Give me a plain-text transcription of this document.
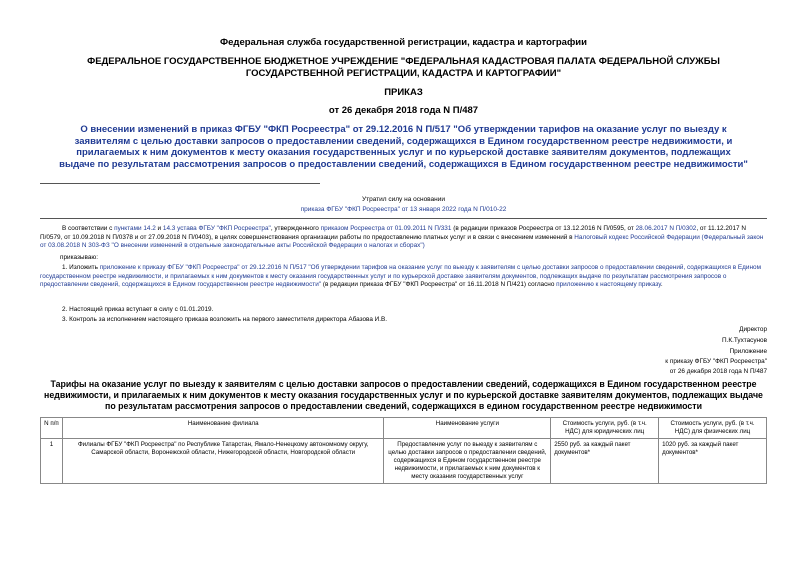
Федеральная служба государственной регистрации, кадастра и картографии
ФЕДЕРАЛЬНОЕ ГОСУДАРСТВЕННОЕ БЮДЖЕТНОЕ УЧРЕЖДЕНИЕ "ФЕДЕРАЛЬНАЯ КАДАСТРОВАЯ ПАЛАТА ФЕДЕРАЛЬНОЙ СЛУЖБЫ ГОСУДАРСТВЕННОЙ РЕГИСТРАЦИИ, КАДАСТРА И КАРТОГРАФИИ"
ПРИКАЗ
от 26 декабря 2018 года N П/487
О внесении изменений в приказ ФГБУ "ФКП Росреестра" от 29.12.2016 N П/517 "Об утверждении тарифов на оказание услуг по выезду к заявителям с целью доставки запросов о предоставлении сведений, содержащихся в Едином государственном реестре недвижимости, и прилагаемых к ним документов к месту оказания государственных услуг и по курьерской доставке заявителям документов, подлежащих выдаче по результатам рассмотрения запросов о предоставлении сведений, содержащихся в Едином государственном реестре недвижимости"
Утратил силу на основании
приказа ФГБУ "ФКП Росреестра" от 13 января 2022 года N П/010-22
В соответствии с пунктами 14.2 и 14.3 устава ФГБУ "ФКП Росреестра", утвержденного приказом Росреестра от 01.09.2011 N П/331 (в редакции приказов Росреестра от 13.12.2016 N П/0595, от 28.06.2017 N П/0302, от 11.12.2017 N П/0579, от 10.09.2018 N П/0378 и от 27.09.2018 N П/0403), в целях совершенствования организации работы по предоставлению платных услуг и в связи с внесением изменений в Налоговый кодекс Российской Федерации (Федеральный закон от 03.08.2018 N 303-ФЗ "О внесении изменений в отдельные законодательные акты Российской Федерации о налогах и сборах")
приказываю:
1. Изложить приложение к приказу ФГБУ "ФКП Росреестра" от 29.12.2016 N П/517 "Об утверждении тарифов на оказание услуг по выезду к заявителям с целью доставки запросов о предоставлении сведений, содержащихся в Едином государственном реестре недвижимости, и прилагаемых к ним документов к месту оказания государственных услуг и по курьерской доставке заявителям документов, подлежащих выдаче по результатам рассмотрения запросов о предоставлении сведений, содержащихся в Едином государственном реестре недвижимости" (в редакции приказа ФГБУ "ФКП Росреестра" от 16.11.2018 N П/421) согласно приложению к настоящему приказу.
2. Настоящий приказ вступает в силу с 01.01.2019.
3. Контроль за исполнением настоящего приказа возложить на первого заместителя директора Абазова И.В.
Директор
П.К.Тухтасунов
Приложение
к приказу ФГБУ "ФКП Росреестра"
от 26 декабря 2018 года N П/487
Тарифы на оказание услуг по выезду к заявителям с целью доставки запросов о предоставлении сведений, содержащихся в Едином государственном реестре недвижимости, и прилагаемых к ним документов к месту оказания государственных услуг и по курьерской доставке заявителям документов, подлежащих выдаче по результатам рассмотрения запросов о предоставлении сведений, содержащихся в едином государственном реестре недвижимости
N п/п	Наименование филиала	Наименование услуги	Стоимость услуги, руб. (в т.ч. НДС) для юридических лиц	Стоимость услуги, руб. (в т.ч. НДС) для физических лиц
1	Филиалы ФГБУ "ФКП Росреестра" по Республике Татарстан, Ямало-Ненецкому автономному округу, Самарской области, Воронежской области, Нижегородской области, Новгородской области	Предоставление услуг по выезду к заявителям с целью доставки запросов о предоставлении сведений, содержащихся в Едином государственном реестре недвижимости, и прилагаемых к ним документов к месту оказания государственных услуг	2550 руб. за каждый пакет документов*	1020 руб. за каждый пакет документов*
